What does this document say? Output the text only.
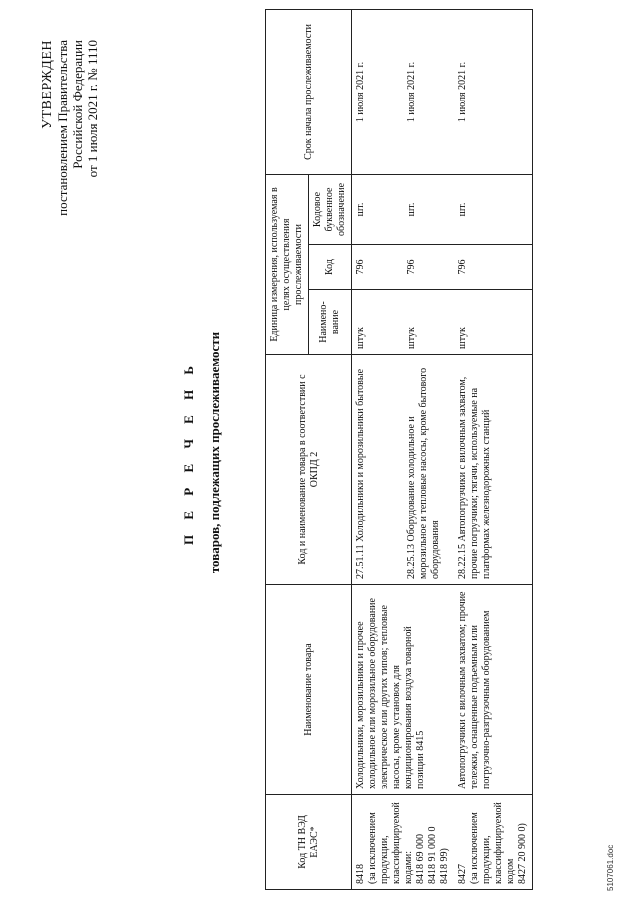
УТВЕРЖДЕН постановлением Правительства Российской Федерации от 1 июля 2021 г. № 1110
П Е Р Е Ч Е Н Ь товаров, подлежащих прослеживаемости
Код ТН ВЭД ЕАЭС*	Наименование товара	Код и наименование товара в соответствии с ОКПД 2	Единица измерения, используемая в целях осуществления прослеживаемости			Срок начала прослеживаемости
			Наимено-вание	Код	Кодовое буквенное обозначение	
8418
(за исключением продукции, классифицируемой кодами:
8418 69 000
8418 91 000 0
8418 99)	Холодильники, морозильники и прочее холодильное или морозильное оборудование электрическое или других типов; тепловые насосы, кроме установок для кондиционирования воздуха товарной позиции 8415	27.51.11 Холодильники и морозильники бытовые	штук	796	шт.	1 июля 2021 г.
		28.25.13 Оборудование холодильное и морозильное и тепловые насосы, кроме бытового оборудования	штук	796	шт.	1 июля 2021 г.
8427
(за исключением продукции, классифицируемой кодом
8427 20 900 0)	Автопогрузчики с вилочным захватом; прочие тележки, оснащенные подъемным или погрузочно-разгрузочным оборудованием	28.22.15 Автопогрузчики с вилочным захватом, прочие погрузчики; тягачи, используемые на платформах железнодорожных станций	штук	796	шт.	1 июля 2021 г.
5107061.doc
